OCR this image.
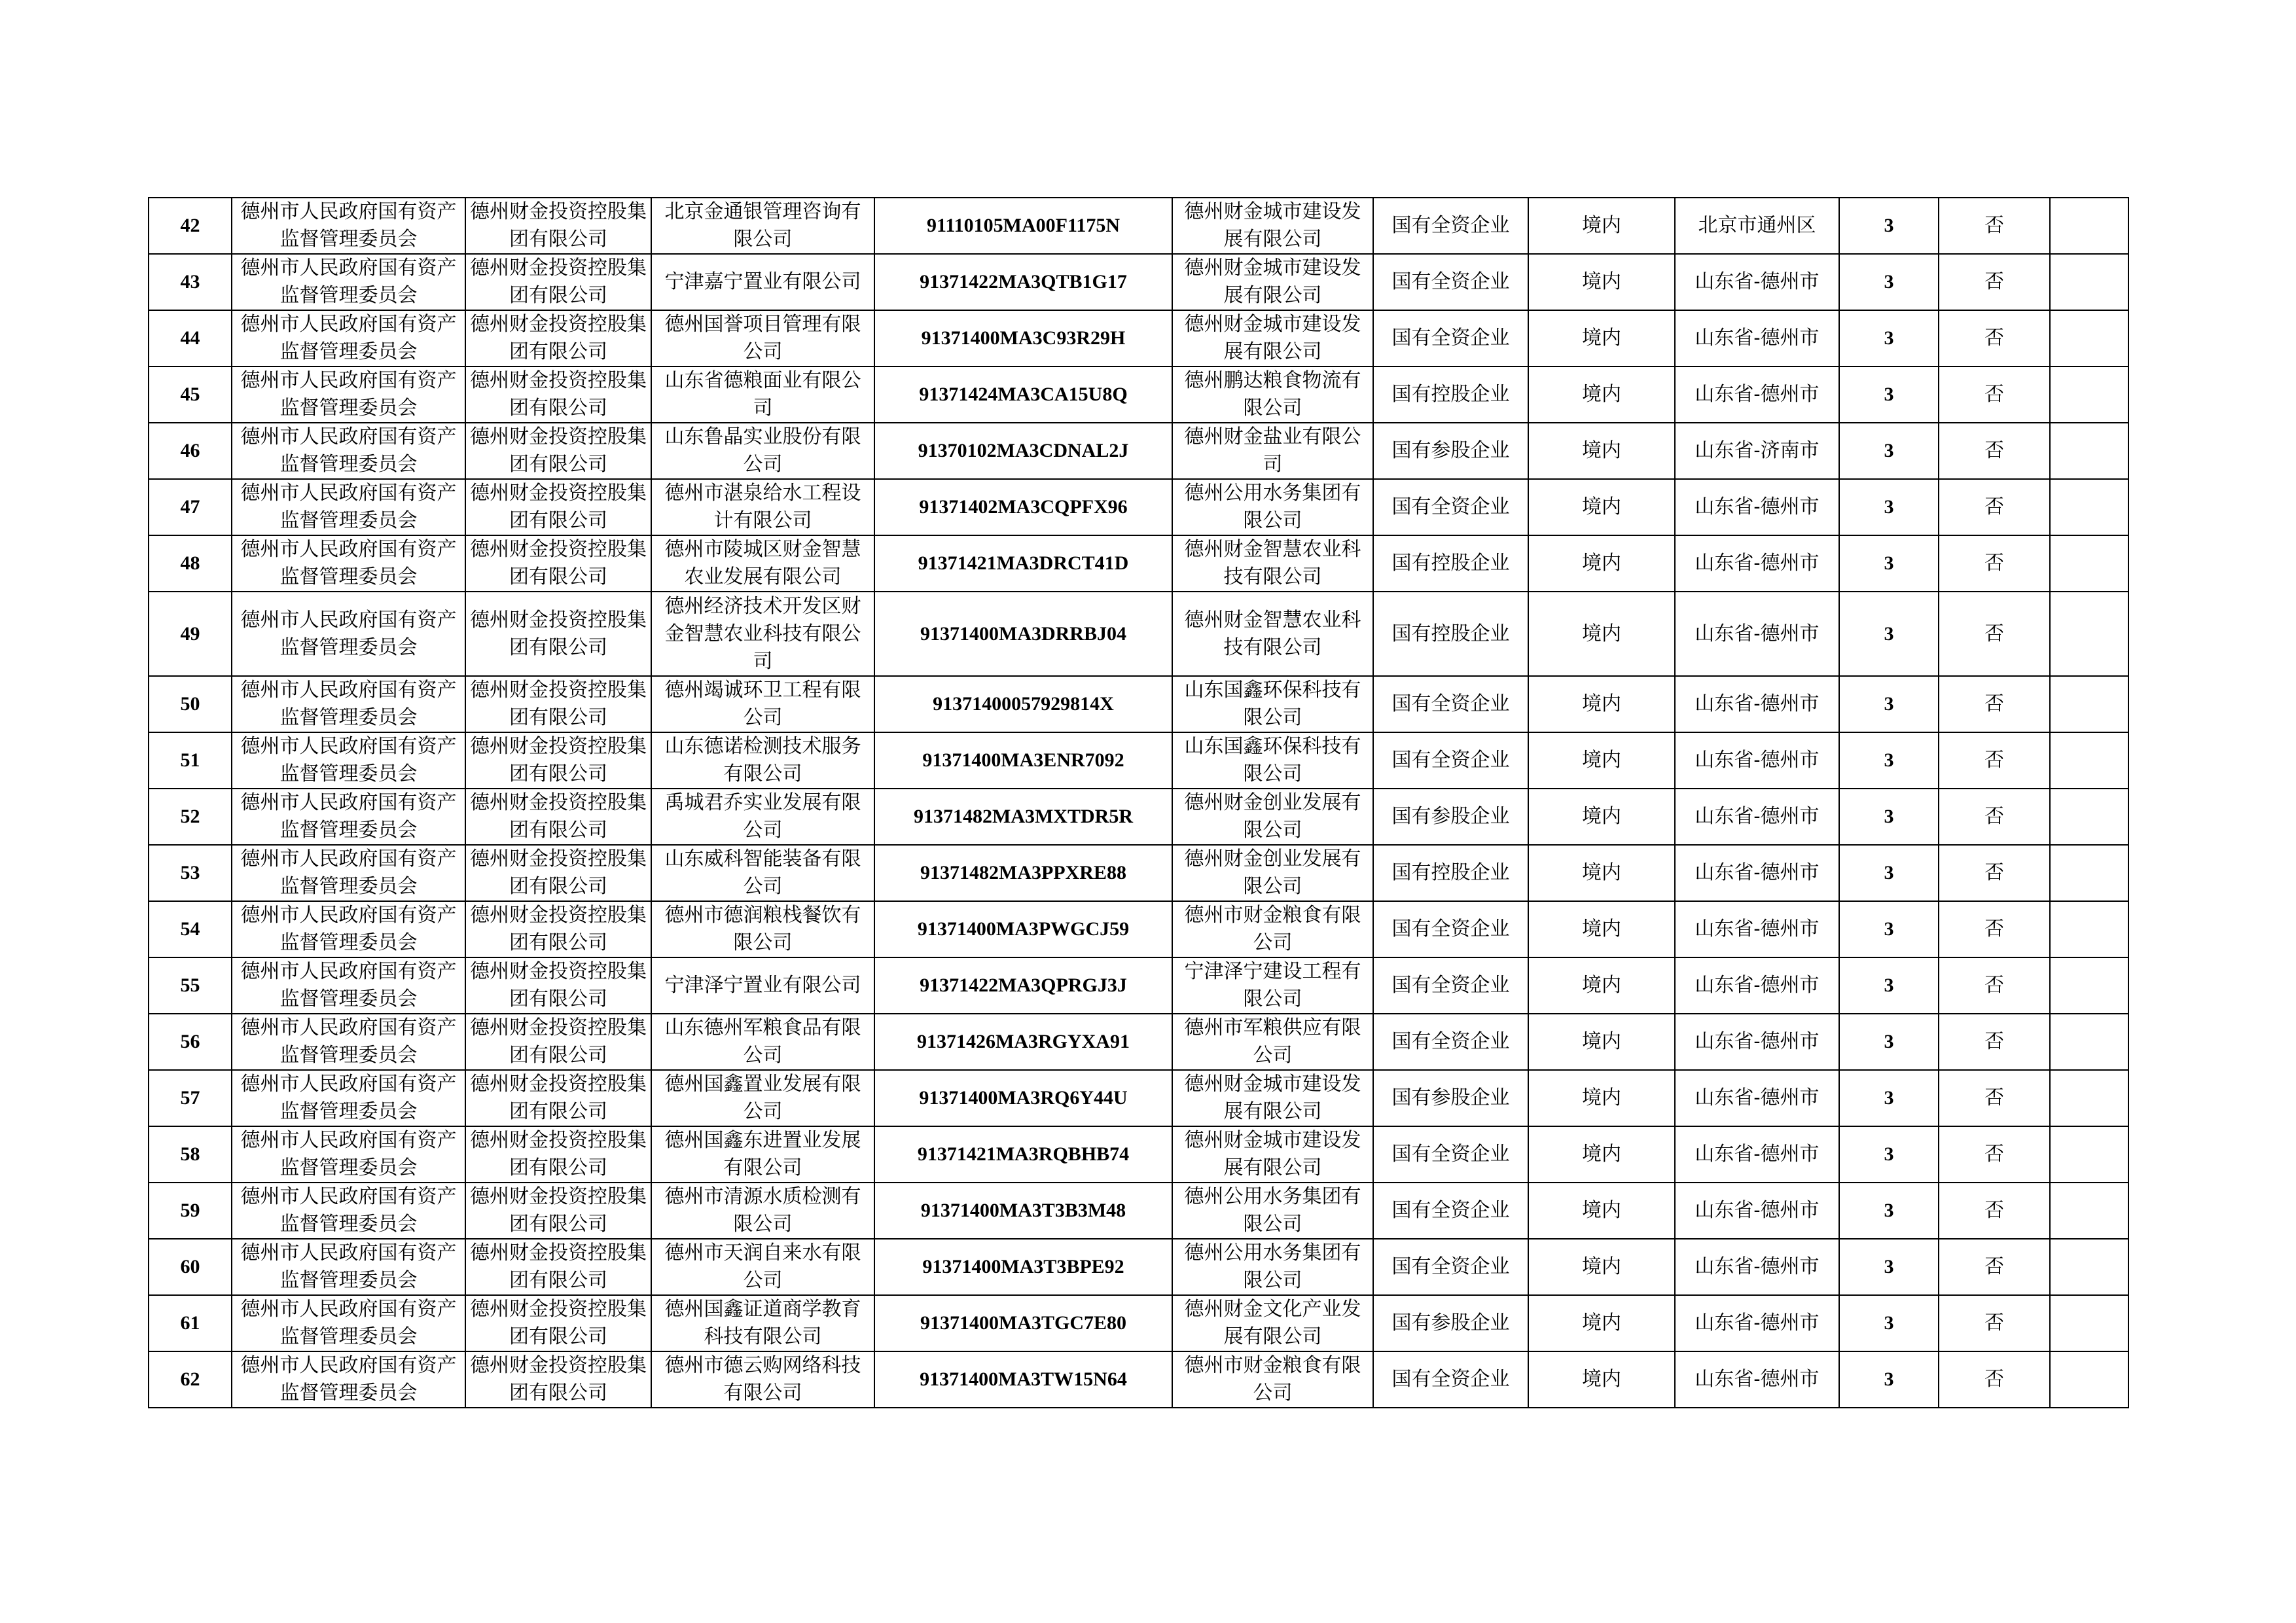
42	德州市人民政府国有资产监督管理委员会	德州财金投资控股集团有限公司	北京金通银管理咨询有限公司	91110105MA00F1175N	德州财金城市建设发展有限公司	国有全资企业	境内	北京市通州区	3	否	
43	德州市人民政府国有资产监督管理委员会	德州财金投资控股集团有限公司	宁津嘉宁置业有限公司	91371422MA3QTB1G17	德州财金城市建设发展有限公司	国有全资企业	境内	山东省-德州市	3	否	
44	德州市人民政府国有资产监督管理委员会	德州财金投资控股集团有限公司	德州国誉项目管理有限公司	91371400MA3C93R29H	德州财金城市建设发展有限公司	国有全资企业	境内	山东省-德州市	3	否	
45	德州市人民政府国有资产监督管理委员会	德州财金投资控股集团有限公司	山东省德粮面业有限公司	91371424MA3CA15U8Q	德州鹏达粮食物流有限公司	国有控股企业	境内	山东省-德州市	3	否	
46	德州市人民政府国有资产监督管理委员会	德州财金投资控股集团有限公司	山东鲁晶实业股份有限公司	91370102MA3CDNAL2J	德州财金盐业有限公司	国有参股企业	境内	山东省-济南市	3	否	
47	德州市人民政府国有资产监督管理委员会	德州财金投资控股集团有限公司	德州市湛泉给水工程设计有限公司	91371402MA3CQPFX96	德州公用水务集团有限公司	国有全资企业	境内	山东省-德州市	3	否	
48	德州市人民政府国有资产监督管理委员会	德州财金投资控股集团有限公司	德州市陵城区财金智慧农业发展有限公司	91371421MA3DRCT41D	德州财金智慧农业科技有限公司	国有控股企业	境内	山东省-德州市	3	否	
49	德州市人民政府国有资产监督管理委员会	德州财金投资控股集团有限公司	德州经济技术开发区财金智慧农业科技有限公司	91371400MA3DRRBJ04	德州财金智慧农业科技有限公司	国有控股企业	境内	山东省-德州市	3	否	
50	德州市人民政府国有资产监督管理委员会	德州财金投资控股集团有限公司	德州竭诚环卫工程有限公司	91371400057929814X	山东国鑫环保科技有限公司	国有全资企业	境内	山东省-德州市	3	否	
51	德州市人民政府国有资产监督管理委员会	德州财金投资控股集团有限公司	山东德诺检测技术服务有限公司	91371400MA3ENR7092	山东国鑫环保科技有限公司	国有全资企业	境内	山东省-德州市	3	否	
52	德州市人民政府国有资产监督管理委员会	德州财金投资控股集团有限公司	禹城君乔实业发展有限公司	91371482MA3MXTDR5R	德州财金创业发展有限公司	国有参股企业	境内	山东省-德州市	3	否	
53	德州市人民政府国有资产监督管理委员会	德州财金投资控股集团有限公司	山东威科智能装备有限公司	91371482MA3PPXRE88	德州财金创业发展有限公司	国有控股企业	境内	山东省-德州市	3	否	
54	德州市人民政府国有资产监督管理委员会	德州财金投资控股集团有限公司	德州市德润粮栈餐饮有限公司	91371400MA3PWGCJ59	德州市财金粮食有限公司	国有全资企业	境内	山东省-德州市	3	否	
55	德州市人民政府国有资产监督管理委员会	德州财金投资控股集团有限公司	宁津泽宁置业有限公司	91371422MA3QPRGJ3J	宁津泽宁建设工程有限公司	国有全资企业	境内	山东省-德州市	3	否	
56	德州市人民政府国有资产监督管理委员会	德州财金投资控股集团有限公司	山东德州军粮食品有限公司	91371426MA3RGYXA91	德州市军粮供应有限公司	国有全资企业	境内	山东省-德州市	3	否	
57	德州市人民政府国有资产监督管理委员会	德州财金投资控股集团有限公司	德州国鑫置业发展有限公司	91371400MA3RQ6Y44U	德州财金城市建设发展有限公司	国有参股企业	境内	山东省-德州市	3	否	
58	德州市人民政府国有资产监督管理委员会	德州财金投资控股集团有限公司	德州国鑫东进置业发展有限公司	91371421MA3RQBHB74	德州财金城市建设发展有限公司	国有全资企业	境内	山东省-德州市	3	否	
59	德州市人民政府国有资产监督管理委员会	德州财金投资控股集团有限公司	德州市清源水质检测有限公司	91371400MA3T3B3M48	德州公用水务集团有限公司	国有全资企业	境内	山东省-德州市	3	否	
60	德州市人民政府国有资产监督管理委员会	德州财金投资控股集团有限公司	德州市天润自来水有限公司	91371400MA3T3BPE92	德州公用水务集团有限公司	国有全资企业	境内	山东省-德州市	3	否	
61	德州市人民政府国有资产监督管理委员会	德州财金投资控股集团有限公司	德州国鑫证道商学教育科技有限公司	91371400MA3TGC7E80	德州财金文化产业发展有限公司	国有参股企业	境内	山东省-德州市	3	否	
62	德州市人民政府国有资产监督管理委员会	德州财金投资控股集团有限公司	德州市德云购网络科技有限公司	91371400MA3TW15N64	德州市财金粮食有限公司	国有全资企业	境内	山东省-德州市	3	否	
